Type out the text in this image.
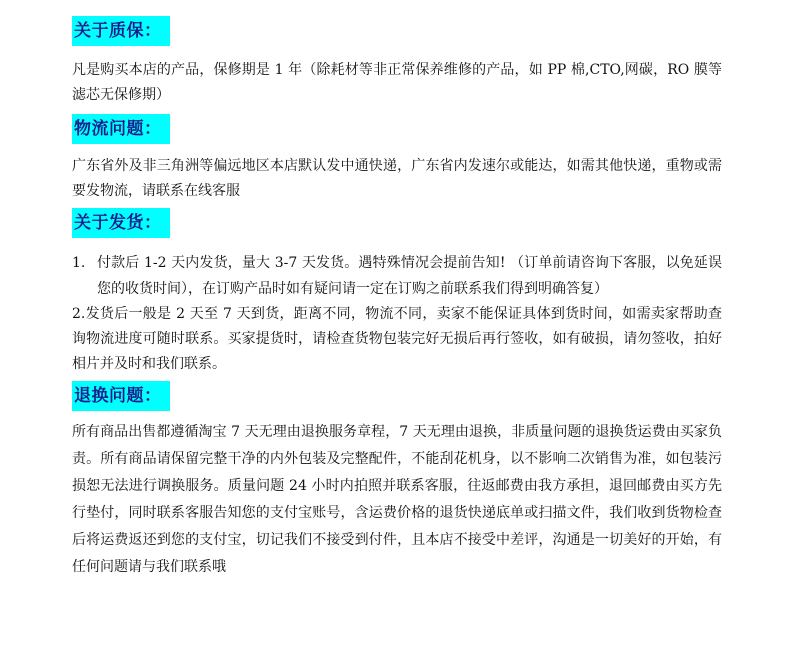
关于质保：

凡是购买本店的产品，保修期是 1 年（除耗材等非正常保养维修的产品，如 PP 棉,CTO,网碳，RO 膜等滤芯无保修期）

物流问题：

广东省外及非三角洲等偏远地区本店默认发中通快递，广东省内发速尔或能达，如需其他快递，重物或需要发物流，请联系在线客服

关于发货：
1. 付款后 1-2 天内发货，量大 3-7 天发货。遇特殊情况会提前告知! （订单前请咨询下客服，以免延误您的收货时间），在订购产品时如有疑问请一定在订购之前联系我们得到明确答复）

2.发货后一般是 2 天至 7 天到货，距离不同，物流不同，卖家不能保证具体到货时间，如需卖家帮助查询物流进度可随时联系。买家提货时，请检查货物包装完好无损后再行签收，如有破损，请勿签收，拍好相片并及时和我们联系。

退换问题：

所有商品出售都遵循淘宝 7 天无理由退换服务章程，7 天无理由退换，非质量问题的退换货运费由买家负责。所有商品请保留完整干净的内外包装及完整配件，不能刮花机身，以不影响二次销售为准，如包装污损恕无法进行调换服务。质量问题 24 小时内拍照并联系客服，往返邮费由我方承担，退回邮费由买方先行垫付，同时联系客服告知您的支付宝账号，含运费价格的退货快递底单或扫描文件，我们收到货物检查后将运费返还到您的支付宝，切记我们不接受到付件，且本店不接受中差评，沟通是一切美好的开始，有任何问题请与我们联系哦
